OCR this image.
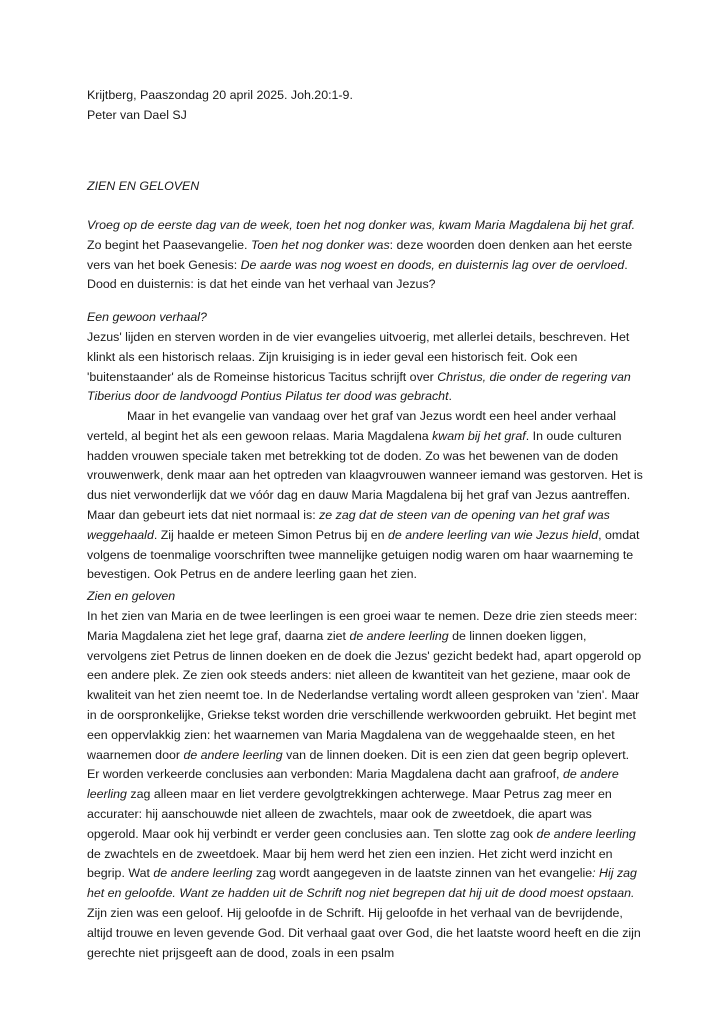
Krijtberg, Paaszondag 20 april 2025. Joh.20:1-9.
Peter van Dael SJ

ZIEN EN GELOVEN

Vroeg op de eerste dag van de week, toen het nog donker was, kwam Maria Magdalena bij het graf. Zo begint het Paasevangelie. Toen het nog donker was: deze woorden doen denken aan het eerste vers van het boek Genesis: De aarde was nog woest en doods, en duisternis lag over de oervloed. Dood en duisternis: is dat het einde van het verhaal van Jezus?

Een gewoon verhaal?

Jezus' lijden en sterven worden in de vier evangelies uitvoerig, met allerlei details, beschreven. Het klinkt als een historisch relaas. Zijn kruisiging is in ieder geval een historisch feit. Ook een 'buitenstaander' als de Romeinse historicus Tacitus schrijft over Christus, die onder de regering van Tiberius door de landvoogd Pontius Pilatus ter dood was gebracht.

Maar in het evangelie van vandaag over het graf van Jezus wordt een heel ander verhaal verteld, al begint het als een gewoon relaas. Maria Magdalena kwam bij het graf. In oude culturen hadden vrouwen speciale taken met betrekking tot de doden. Zo was het bewenen van de doden vrouwenwerk, denk maar aan het optreden van klaagvrouwen wanneer iemand was gestorven. Het is dus niet verwonderlijk dat we vóór dag en dauw Maria Magdalena bij het graf van Jezus aantreffen. Maar dan gebeurt iets dat niet normaal is: ze zag dat de steen van de opening van het graf was weggehaald. Zij haalde er meteen Simon Petrus bij en de andere leerling van wie Jezus hield, omdat volgens de toenmalige voorschriften twee mannelijke getuigen nodig waren om haar waarneming te bevestigen. Ook Petrus en de andere leerling gaan het zien.

Zien en geloven

In het zien van Maria en de twee leerlingen is een groei waar te nemen. Deze drie zien steeds meer: Maria Magdalena ziet het lege graf, daarna ziet de andere leerling de linnen doeken liggen, vervolgens ziet Petrus de linnen doeken en de doek die Jezus' gezicht bedekt had, apart opgerold op een andere plek. Ze zien ook steeds anders: niet alleen de kwantiteit van het geziene, maar ook de kwaliteit van het zien neemt toe. In de Nederlandse vertaling wordt alleen gesproken van 'zien'. Maar in de oorspronkelijke, Griekse tekst worden drie verschillende werkwoorden gebruikt. Het begint met een oppervlakkig zien: het waarnemen van Maria Magdalena van de weggehaalde steen, en het waarnemen door de andere leerling van de linnen doeken. Dit is een zien dat geen begrip oplevert. Er worden verkeerde conclusies aan verbonden: Maria Magdalena dacht aan grafroof, de andere leerling zag alleen maar en liet verdere gevolgtrekkingen achterwege. Maar Petrus zag meer en accurater: hij aanschouwde niet alleen de zwachtels, maar ook de zweetdoek, die apart was opgerold. Maar ook hij verbindt er verder geen conclusies aan. Ten slotte zag ook de andere leerling de zwachtels en de zweetdoek. Maar bij hem werd het zien een inzien. Het zicht werd inzicht en begrip. Wat de andere leerling zag wordt aangegeven in de laatste zinnen van het evangelie: Hij zag het en geloofde. Want ze hadden uit de Schrift nog niet begrepen dat hij uit de dood moest opstaan. Zijn zien was een geloof. Hij geloofde in de Schrift. Hij geloofde in het verhaal van de bevrijdende, altijd trouwe en leven gevende God. Dit verhaal gaat over God, die het laatste woord heeft en die zijn gerechte niet prijsgeeft aan de dood, zoals in een psalm
